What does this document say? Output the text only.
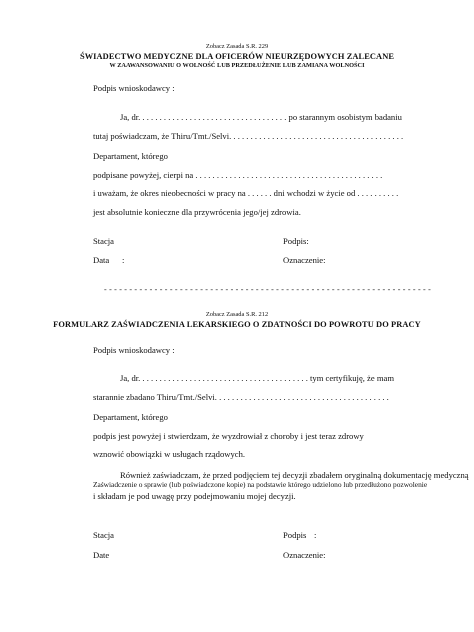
Zobacz Zasada S.R. 229
ŚWIADECTWO MEDYCZNE DLA OFICERÓW NIEURZĘDOWYCH ZALECANE
W ZAAWANSOWANIU O WOLNOŚĆ LUB PRZEDŁUŻENIE LUB ZAMIANA WOLNOŚCI
Podpis wnioskodawcy :
Ja, dr. . . . . . . . . . . . . . . . . . . . . . . . . . . . . . . . . . . po starannym osobistym badaniu
tutaj poświadczam, że Thiru/Tmt./Selvi. . . . . . . . . . . . . . . . . . . . . . . . . . . . . . . . . . . . . . . . .
Departament, którego
podpisane powyżej, cierpi na . . . . . . . . . . . . . . . . . . . . . . . . . . . . . . . . . . . . . . . . . . . .
i uważam, że okres nieobecności w pracy na . . . . . . dni wchodzi w życie od . . . . . . . . . .
jest absolutnie konieczne dla przywrócenia jego/jej zdrowia.
Stacja	Podpis:
Data :	Oznaczenie:
- - - - - - - - - - - - - - - - - - - - - - - - - - - - - - - - - - - - - - - - - - - - - - - - - - - - - - - - - - - - - - - - -
Zobacz Zasada S.R. 212
FORMULARZ ZAŚWIADCZENIA LEKARSKIEGO O ZDATNOŚCI DO POWROTU DO PRACY
Podpis wnioskodawcy :
Ja, dr. . . . . . . . . . . . . . . . . . . . . . . . . . . . . . . . . . . . . . . . tym certyfikuję, że mam
starannie zbadano Thiru/Tmt./Selvi. . . . . . . . . . . . . . . . . . . . . . . . . . . . . . . . . . . . . . . . .
Departament, którego
podpis jest powyżej i stwierdzam, że wyzdrowiał z choroby i jest teraz zdrowy
wznowić obowiązki w usługach rządowych.
Również zaświadczam, że przed podjęciem tej decyzji zbadałem oryginalną dokumentację medyczną
Zaświadczenie o sprawie (lub poświadczone kopie) na podstawie którego udzielono lub przedłużono pozwolenie
i składam je pod uwagę przy podejmowaniu mojej decyzji.
Stacja	Podpis :
Date	Oznaczenie:
